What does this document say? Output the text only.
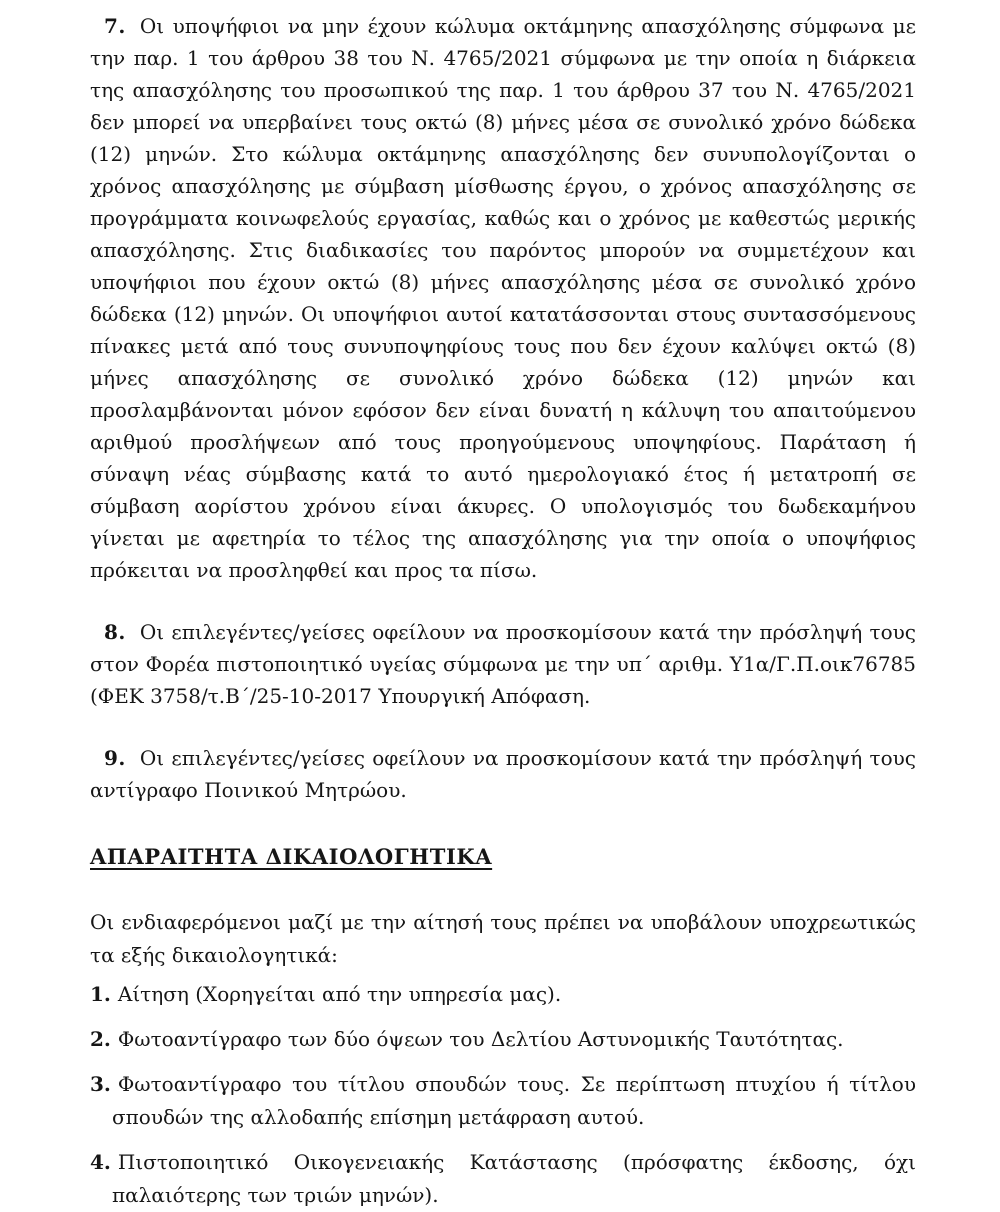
7. Οι υποψήφιοι να μην έχουν κώλυμα οκτάμηνης απασχόλησης σύμφωνα με την παρ. 1 του άρθρου 38 του Ν. 4765/2021 σύμφωνα με την οποία η διάρκεια της απασχόλησης του προσωπικού της παρ. 1 του άρθρου 37 του Ν. 4765/2021 δεν μπορεί να υπερβαίνει τους οκτώ (8) μήνες μέσα σε συνολικό χρόνο δώδεκα (12) μηνών. Στο κώλυμα οκτάμηνης απασχόλησης δεν συνυπολογίζονται ο χρόνος απασχόλησης με σύμβαση μίσθωσης έργου, ο χρόνος απασχόλησης σε προγράμματα κοινωφελούς εργασίας, καθώς και ο χρόνος με καθεστώς μερικής απασχόλησης. Στις διαδικασίες του παρόντος μπορούν να συμμετέχουν και υποψήφιοι που έχουν οκτώ (8) μήνες απασχόλησης μέσα σε συνολικό χρόνο δώδεκα (12) μηνών. Οι υποψήφιοι αυτοί κατατάσσονται στους συντασσόμενους πίνακες μετά από τους συνυποψηφίους τους που δεν έχουν καλύψει οκτώ (8) μήνες απασχόλησης σε συνολικό χρόνο δώδεκα (12) μηνών και προσλαμβάνονται μόνον εφόσον δεν είναι δυνατή η κάλυψη του απαιτούμενου αριθμού προσλήψεων από τους προηγούμενους υποψηφίους. Παράταση ή σύναψη νέας σύμβασης κατά το αυτό ημερολογιακό έτος ή μετατροπή σε σύμβαση αορίστου χρόνου είναι άκυρες. Ο υπολογισμός του δωδεκαμήνου γίνεται με αφετηρία το τέλος της απασχόλησης για την οποία ο υποψήφιος πρόκειται να προσληφθεί και προς τα πίσω.

8. Οι επιλεγέντες/γείσες οφείλουν να προσκομίσουν κατά την πρόσληψή τους στον Φορέα πιστοποιητικό υγείας σύμφωνα με την υπ΄ αριθμ. Υ1α/Γ.Π.οικ76785 (ΦΕΚ 3758/τ.Β΄/25-10-2017 Υπουργική Απόφαση.

9. Οι επιλεγέντες/γείσες οφείλουν να προσκομίσουν κατά την πρόσληψή τους αντίγραφο Ποινικού Μητρώου.

ΑΠΑΡΑΙΤΗΤΑ ΔΙΚΑΙΟΛΟΓΗΤΙΚΑ

Οι ενδιαφερόμενοι μαζί με την αίτησή τους πρέπει να υποβάλουν υποχρεωτικώς τα εξής δικαιολογητικά:

1. Αίτηση (Χορηγείται από την υπηρεσία μας).
2. Φωτοαντίγραφο των δύο όψεων του Δελτίου Αστυνομικής Ταυτότητας.
3. Φωτοαντίγραφο του τίτλου σπουδών τους. Σε περίπτωση πτυχίου ή τίτλου σπουδών της αλλοδαπής επίσημη μετάφραση αυτού.
4. Πιστοποιητικό Οικογενειακής Κατάστασης (πρόσφατης έκδοσης, όχι παλαιότερης των τριών μηνών).
